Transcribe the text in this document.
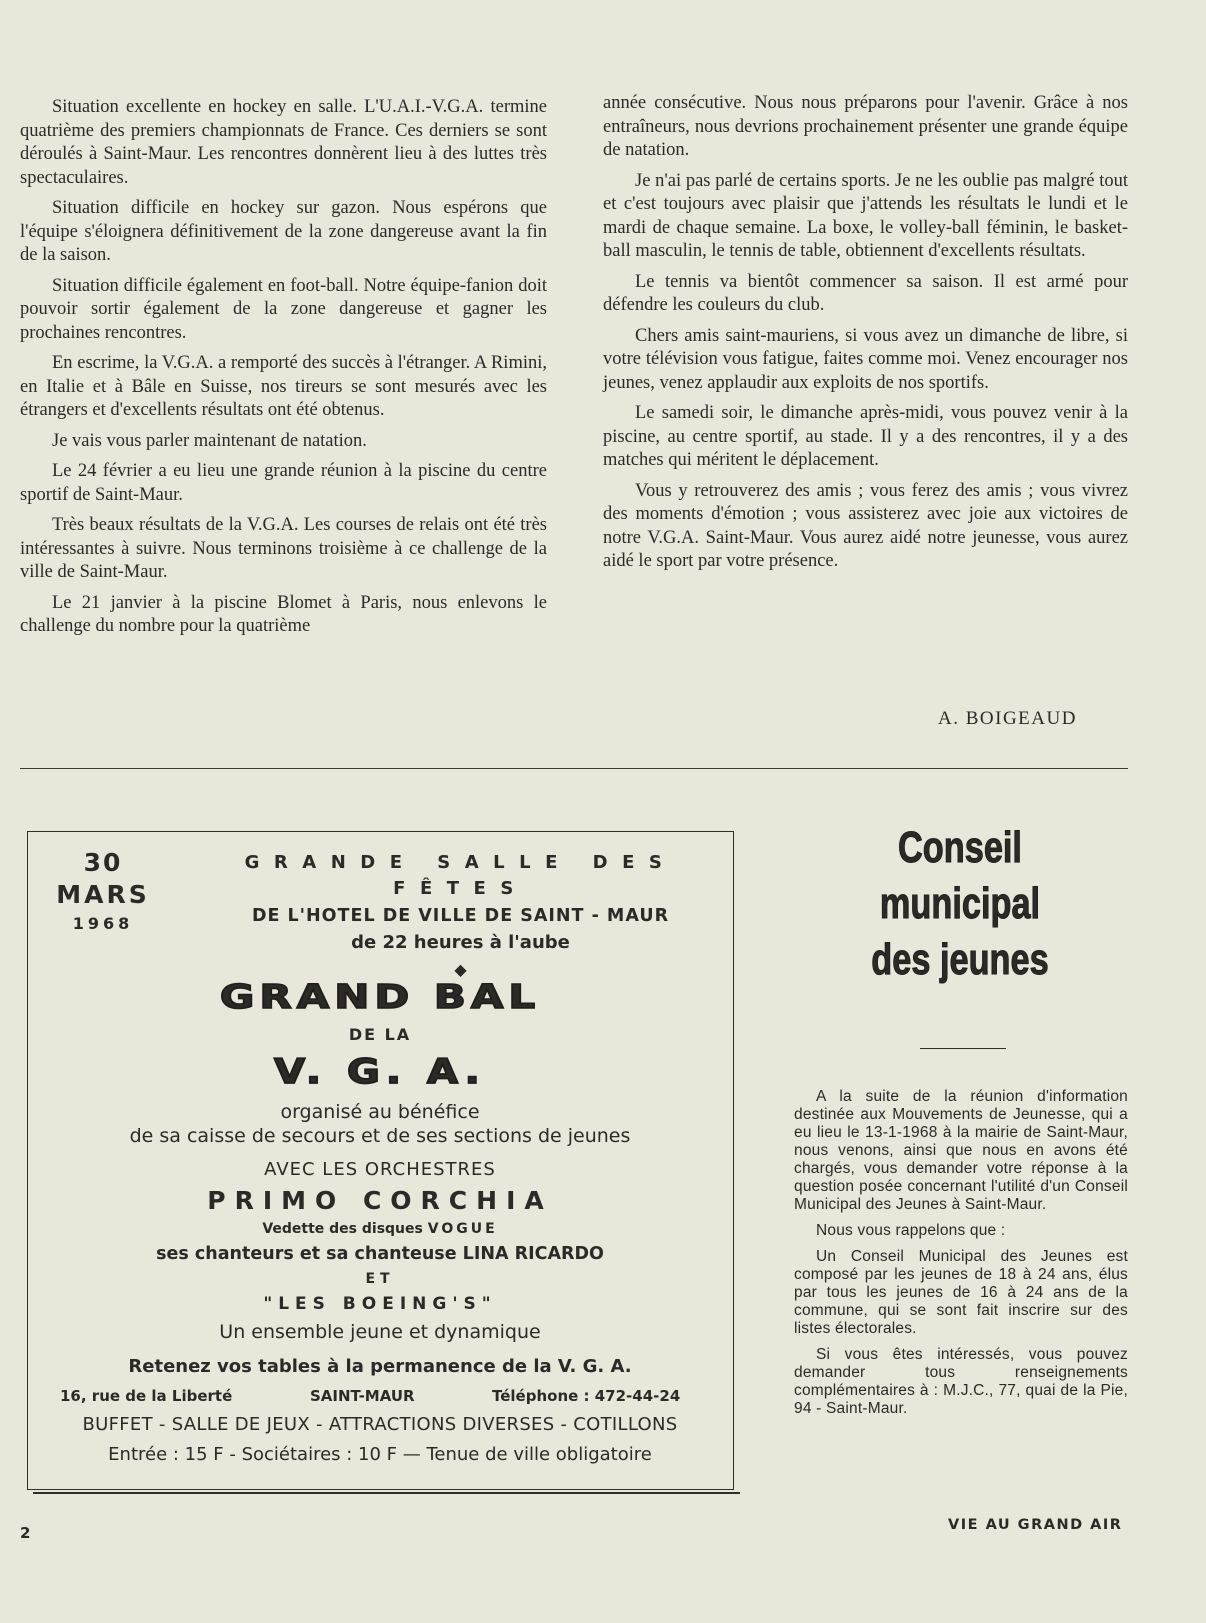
Situation excellente en hockey en salle. L'U.A.I.-V.G.A. termine quatrième des premiers championnats de France. Ces derniers se sont déroulés à Saint-Maur. Les rencontres donnèrent lieu à des luttes très spectaculaires.

Situation difficile en hockey sur gazon. Nous espérons que l'équipe s'éloignera définitivement de la zone dangereuse avant la fin de la saison.

Situation difficile également en foot-ball. Notre équipe-fanion doit pouvoir sortir également de la zone dangereuse et gagner les prochaines rencontres.

En escrime, la V.G.A. a remporté des succès à l'étranger. A Rimini, en Italie et à Bâle en Suisse, nos tireurs se sont mesurés avec les étrangers et d'excellents résultats ont été obtenus.

Je vais vous parler maintenant de natation.

Le 24 février a eu lieu une grande réunion à la piscine du centre sportif de Saint-Maur.

Très beaux résultats de la V.G.A. Les courses de relais ont été très intéressantes à suivre. Nous terminons troisième à ce challenge de la ville de Saint-Maur.

Le 21 janvier à la piscine Blomet à Paris, nous enlevons le challenge du nombre pour la quatrième

année consécutive. Nous nous préparons pour l'avenir. Grâce à nos entraîneurs, nous devrions prochainement présenter une grande équipe de natation.

Je n'ai pas parlé de certains sports. Je ne les oublie pas malgré tout et c'est toujours avec plaisir que j'attends les résultats le lundi et le mardi de chaque semaine. La boxe, le volley-ball féminin, le basket-ball masculin, le tennis de table, obtiennent d'excellents résultats.

Le tennis va bientôt commencer sa saison. Il est armé pour défendre les couleurs du club.

Chers amis saint-mauriens, si vous avez un dimanche de libre, si votre télévision vous fatigue, faites comme moi. Venez encourager nos jeunes, venez applaudir aux exploits de nos sportifs.

Le samedi soir, le dimanche après-midi, vous pouvez venir à la piscine, au centre sportif, au stade. Il y a des rencontres, il y a des matches qui méritent le déplacement.

Vous y retrouverez des amis ; vous ferez des amis ; vous vivrez des moments d'émotion ; vous assisterez avec joie aux victoires de notre V.G.A. Saint-Maur. Vous aurez aidé notre jeunesse, vous aurez aidé le sport par votre présence.

A. BOIGEAUD
30
MARS
1968
GRANDE SALLE DES FÊTES
DE L'HOTEL DE VILLE DE SAINT - MAUR
de 22 heures à l'aube
◆
GRAND BAL
DE LA
V. G. A.
organisé au bénéfice
de sa caisse de secours et de ses sections de jeunes
AVEC LES ORCHESTRES
PRIMO CORCHIA
Vedette des disques VOGUE
ses chanteurs et sa chanteuse LINA RICARDO
ET
"LES BOEING'S"
Un ensemble jeune et dynamique
Retenez vos tables à la permanence de la V. G. A.
16, rue de la Liberté	SAINT-MAUR	Téléphone : 472-44-24
BUFFET - SALLE DE JEUX - ATTRACTIONS DIVERSES - COTILLONS
Entrée : 15 F - Sociétaires : 10 F — Tenue de ville obligatoire
Conseil
municipal
des jeunes

A la suite de la réunion d'information destinée aux Mouvements de Jeunesse, qui a eu lieu le 13-1-1968 à la mairie de Saint-Maur, nous venons, ainsi que nous en avons été chargés, vous demander votre réponse à la question posée concernant l'utilité d'un Conseil Municipal des Jeunes à Saint-Maur.

Nous vous rappelons que :

Un Conseil Municipal des Jeunes est composé par les jeunes de 18 à 24 ans, élus par tous les jeunes de 16 à 24 ans de la commune, qui se sont fait inscrire sur des listes électorales.

Si vous êtes intéressés, vous pouvez demander tous renseignements complémentaires à : M.J.C., 77, quai de la Pie, 94 - Saint-Maur.

2	VIE AU GRAND AIR
